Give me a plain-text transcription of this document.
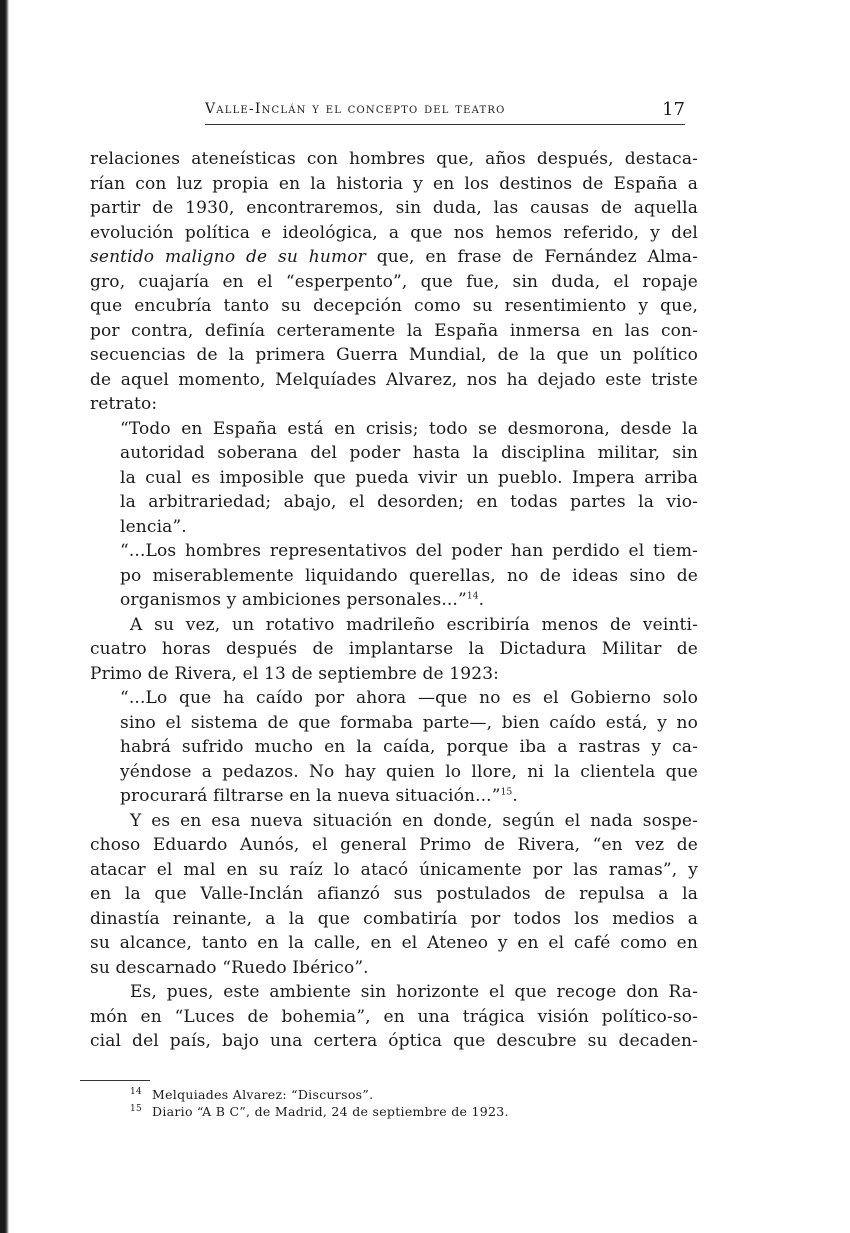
Valle-Inclán y el concepto del teatro	17
relaciones ateneísticas con hombres que, años después, destaca-
rían con luz propia en la historia y en los destinos de España a
partir de 1930, encontraremos, sin duda, las causas de aquella
evolución política e ideológica, a que nos hemos referido, y del
sentido maligno de su humor que, en frase de Fernández Alma-
gro, cuajaría en el “esperpento”, que fue, sin duda, el ropaje
que encubría tanto su decepción como su resentimiento y que,
por contra, definía certeramente la España inmersa en las con-
secuencias de la primera Guerra Mundial, de la que un político
de aquel momento, Melquíades Alvarez, nos ha dejado este triste
retrato:
“Todo en España está en crisis; todo se desmorona, desde la
autoridad soberana del poder hasta la disciplina militar, sin
la cual es imposible que pueda vivir un pueblo. Impera arriba
la arbitrariedad; abajo, el desorden; en todas partes la vio-
lencia”.
“...Los hombres representativos del poder han perdido el tiem-
po miserablemente liquidando querellas, no de ideas sino de
organismos y ambiciones personales...”$^{14}$.
A su vez, un rotativo madrileño escribiría menos de veinti-
cuatro horas después de implantarse la Dictadura Militar de
Primo de Rivera, el 13 de septiembre de 1923:
“...Lo que ha caído por ahora —que no es el Gobierno solo
sino el sistema de que formaba parte—, bien caído está, y no
habrá sufrido mucho en la caída, porque iba a rastras y ca-
yéndose a pedazos. No hay quien lo llore, ni la clientela que
procurará filtrarse en la nueva situación...”$^{15}$.
Y es en esa nueva situación en donde, según el nada sospe-
choso Eduardo Aunós, el general Primo de Rivera, “en vez de
atacar el mal en su raíz lo atacó únicamente por las ramas”, y
en la que Valle-Inclán afianzó sus postulados de repulsa a la
dinastía reinante, a la que combatiría por todos los medios a
su alcance, tanto en la calle, en el Ateneo y en el café como en
su descarnado “Ruedo Ibérico”.
Es, pues, este ambiente sin horizonte el que recoge don Ra-
món en “Luces de bohemia”, en una trágica visión político-so-
cial del país, bajo una certera óptica que descubre su decaden-
14 Melquiades Alvarez: “Discursos”.
15 Diario “A B C”, de Madrid, 24 de septiembre de 1923.
